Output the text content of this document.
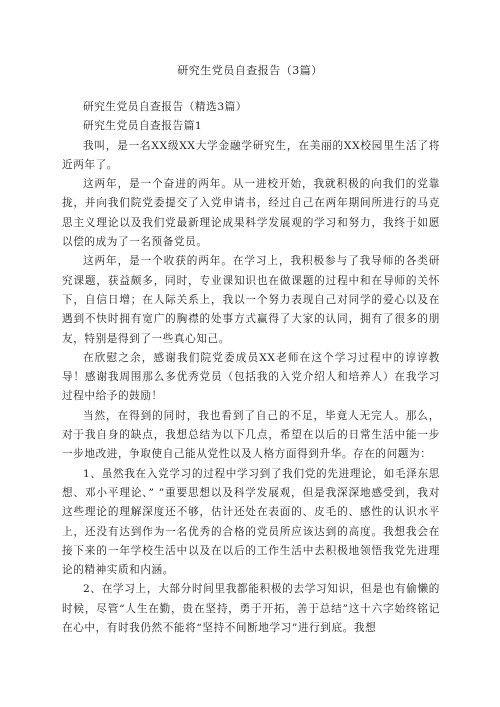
研究生党员自查报告（3篇）

研究生党员自查报告（精选3篇）

研究生党员自查报告篇1

我叫，是一名XX级XX大学金融学研究生，在美丽的XX校园里生活了将近两年了。

这两年，是一个奋进的两年。从一进校开始，我就积极的向我们的党靠拢，并向我们院党委提交了入党申请书，经过自己在两年期间所进行的马克思主义理论以及我们党最新理论成果科学发展观的学习和努力，我终于如愿以偿的成为了一名预备党员。

这两年，是一个收获的两年。在学习上，我积极参与了我导师的各类研究课题，获益颇多，同时，专业课知识也在做课题的过程中和在导师的关怀下，自信日增；在人际关系上，我以一个努力表现自己对同学的爱心以及在遇到不快时拥有宽广的胸襟的处事方式赢得了大家的认同，拥有了很多的朋友，特别是得到了一些真心知己。

在欣慰之余，感谢我们院党委成员XX老师在这个学习过程中的谆谆教导！感谢我周围那么多优秀党员（包括我的入党介绍人和培养人）在我学习过程中给予的鼓励！

当然，在得到的同时，我也看到了自己的不足，毕竟人无完人。那么，对于我自身的缺点，我想总结为以下几点，希望在以后的日常生活中能一步一步地改进，争取使自己能从党性以及人格方面得到升华。存在的问题为：

1、虽然我在入党学习的过程中学习到了我们党的先进理论，如毛泽东思想、邓小平理论、” ”重要思想以及科学发展观，但是我深深地感受到，我对这些理论的理解深度还不够，估计还处在表面的、皮毛的、感性的认识水平上，还没有达到作为一名优秀的合格的党员所应该达到的高度。我想我会在接下来的一年学校生活中以及在以后的工作生活中去积极地领悟我党先进理论的精神实质和内涵。

2、在学习上，大部分时间里我都能积极的去学习知识，但是也有偷懒的时候，尽管“人生在勤，贵在坚持，勇于开拓，善于总结”这十六字始终铭记在心中，有时我仍然不能将“坚持不间断地学习”进行到底。我想
